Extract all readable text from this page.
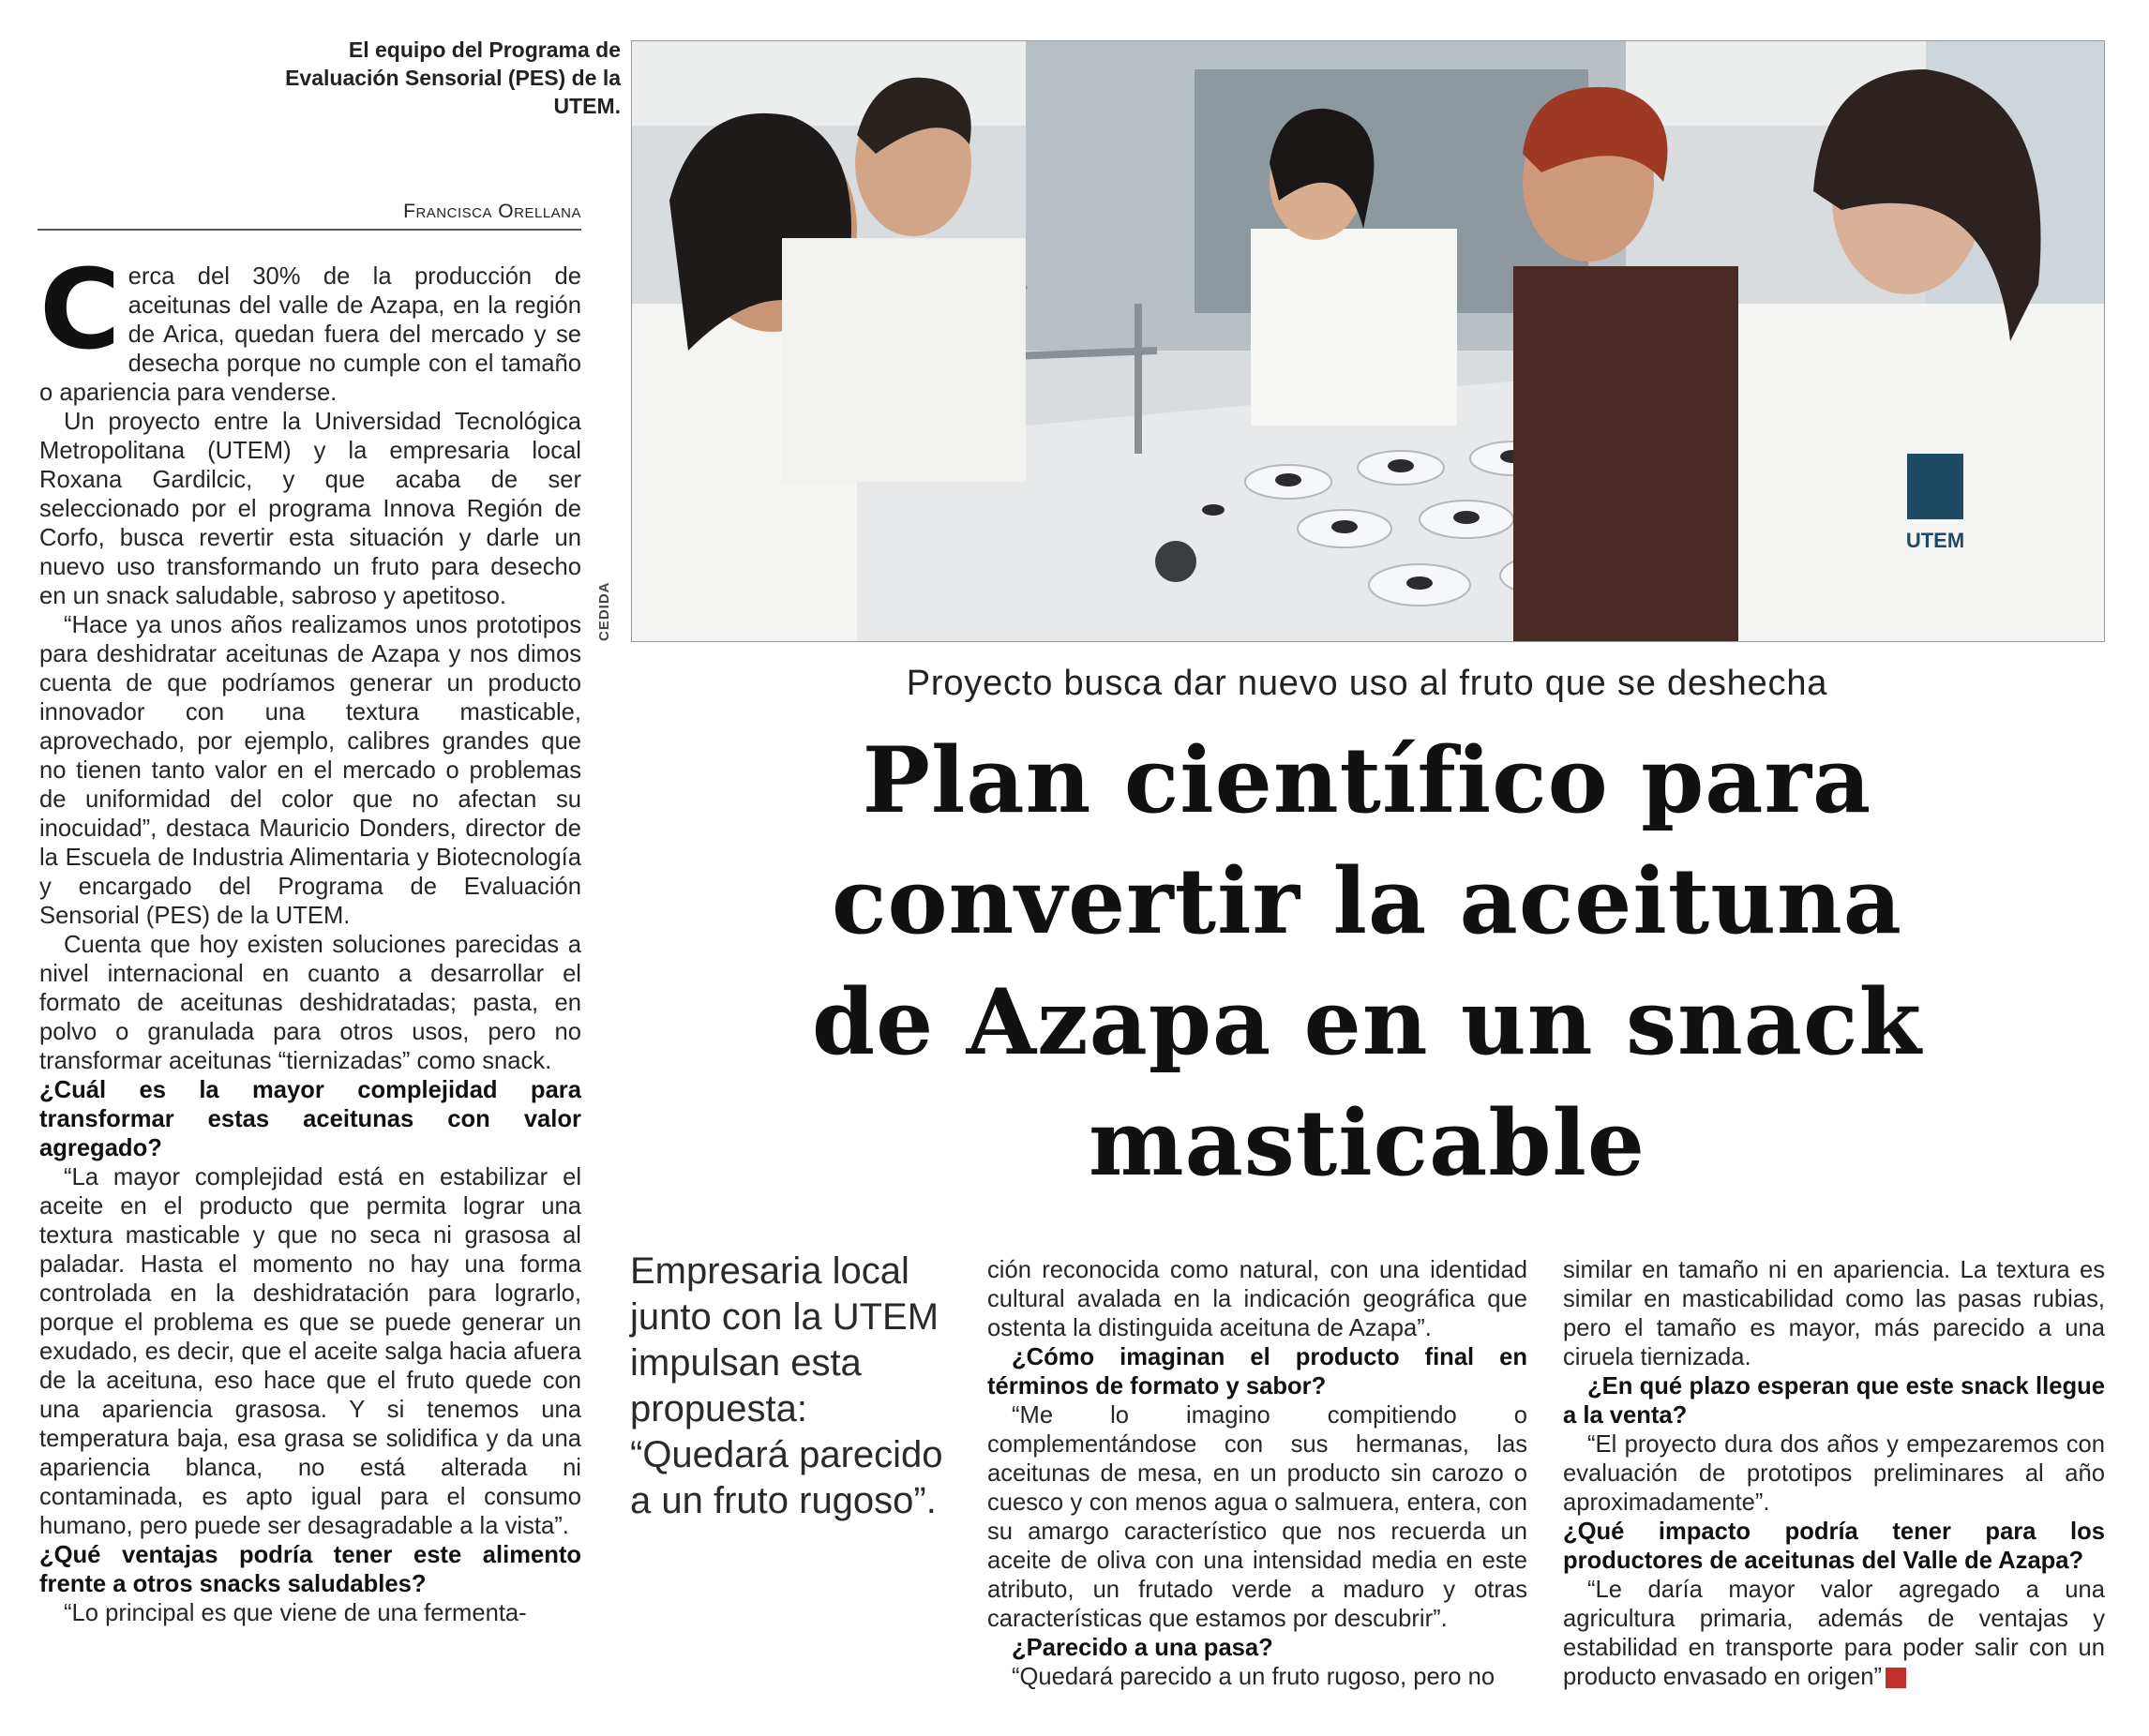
El equipo del Programa de Evaluación Sensorial (PES) de la UTEM.
Francisca Orellana

Cerca del 30% de la producción de aceitunas del valle de Azapa, en la región de Arica, quedan fuera del mercado y se desecha porque no cumple con el tamaño o apariencia para venderse.

Un proyecto entre la Universidad Tecnológica Metropolitana (UTEM) y la empresaria local Roxana Gardilcic, y que acaba de ser seleccionado por el programa Innova Región de Corfo, busca revertir esta situación y darle un nuevo uso transformando un fruto para desecho en un snack saludable, sabroso y apetitoso.

“Hace ya unos años realizamos unos prototipos para deshidratar aceitunas de Azapa y nos dimos cuenta de que podríamos generar un producto innovador con una textura masticable, aprovechado, por ejemplo, calibres grandes que no tienen tanto valor en el mercado o problemas de uniformidad del color que no afectan su inocuidad”, destaca Mauricio Donders, director de la Escuela de Industria Alimentaria y Biotecnología y encargado del Programa de Evaluación Sensorial (PES) de la UTEM.

Cuenta que hoy existen soluciones parecidas a nivel internacional en cuanto a desarrollar el formato de aceitunas deshidratadas; pasta, en polvo o granulada para otros usos, pero no transformar aceitunas “tiernizadas” como snack.

¿Cuál es la mayor complejidad para transformar estas aceitunas con valor agregado?

“La mayor complejidad está en estabilizar el aceite en el producto que permita lograr una textura masticable y que no seca ni grasosa al paladar. Hasta el momento no hay una forma controlada en la deshidratación para lograrlo, porque el problema es que se puede generar un exudado, es decir, que el aceite salga hacia afuera de la aceituna, eso hace que el fruto quede con una apariencia grasosa. Y si tenemos una temperatura baja, esa grasa se solidifica y da una apariencia blanca, no está alterada ni contaminada, es apto igual para el consumo humano, pero puede ser desagradable a la vista”.

¿Qué ventajas podría tener este alimento frente a otros snacks saludables?

“Lo principal es que viene de una fermenta-

UTEM
CEDIDA
Proyecto busca dar nuevo uso al fruto que se deshecha
Plan científico para
convertir la aceituna
de Azapa en un snack
masticable
Empresaria local junto con la UTEM impulsan esta propuesta: “Quedará parecido a un fruto rugoso”.

ción reconocida como natural, con una identidad cultural avalada en la indicación geográfica que ostenta la distinguida aceituna de Azapa”.

¿Cómo imaginan el producto final en términos de formato y sabor?

“Me lo imagino compitiendo o complementándose con sus hermanas, las aceitunas de mesa, en un producto sin carozo o cuesco y con menos agua o salmuera, entera, con su amargo característico que nos recuerda un aceite de oliva con una intensidad media en este atributo, un frutado verde a maduro y otras características que estamos por descubrir”.

¿Parecido a una pasa?

“Quedará parecido a un fruto rugoso, pero no

similar en tamaño ni en apariencia. La textura es similar en masticabilidad como las pasas rubias, pero el tamaño es mayor, más parecido a una ciruela tiernizada.

¿En qué plazo esperan que este snack llegue a la venta?

“El proyecto dura dos años y empezaremos con evaluación de prototipos preliminares al año aproximadamente”.

¿Qué impacto podría tener para los productores de aceitunas del Valle de Azapa?

“Le daría mayor valor agregado a una agricultura primaria, además de ventajas y estabilidad en transporte para poder salir con un producto envasado en origen” M
